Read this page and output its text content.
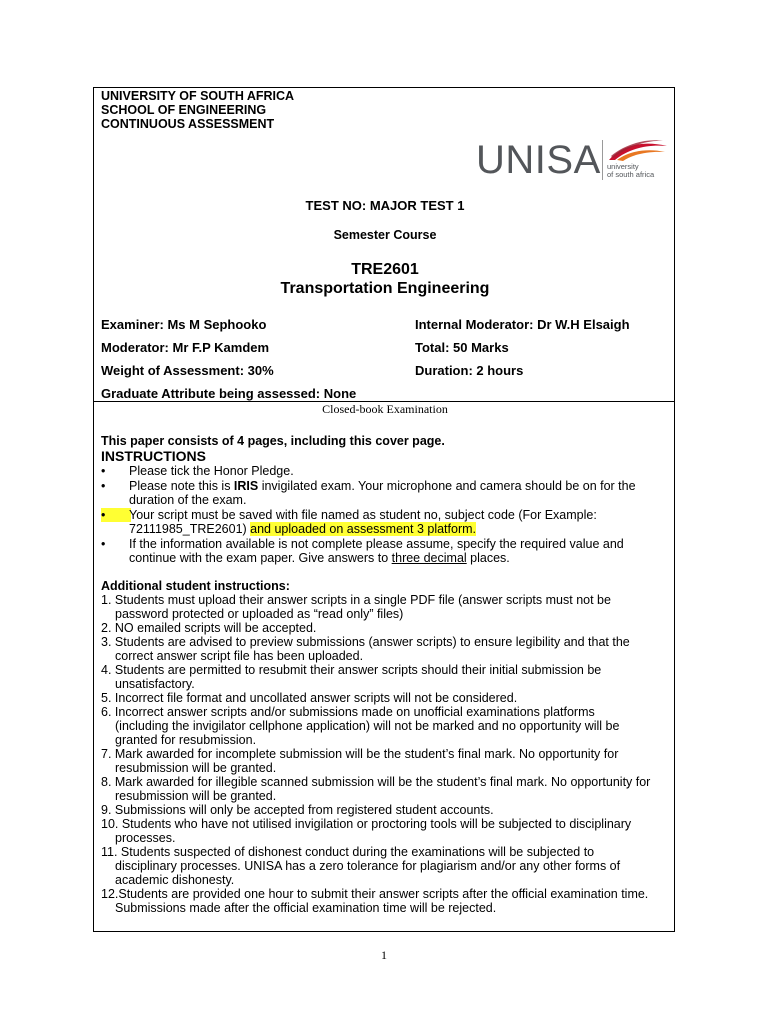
UNIVERSITY OF SOUTH AFRICA
SCHOOL OF ENGINEERING
CONTINUOUS ASSESSMENT
UNISA university
of south africa
TEST NO: MAJOR TEST 1
Semester Course
TRE2601
Transportation Engineering
Examiner: Ms M Sephooko	Internal Moderator: Dr W.H Elsaigh
Moderator: Mr F.P Kamdem	Total: 50 Marks
Weight of Assessment: 30%	Duration: 2 hours
Graduate Attribute being assessed: None
Closed-book Examination
This paper consists of 4 pages, including this cover page.
INSTRUCTIONS
•	Please tick the Honor Pledge.
•	Please note this is IRIS invigilated exam. Your microphone and camera should be on for the
duration of the exam.
•	Your script must be saved with file named as student no, subject code (For Example:
72111985_TRE2601) and uploaded on assessment 3 platform.
•	If the information available is not complete please assume, specify the required value and
continue with the exam paper. Give answers to three decimal places.
Additional student instructions:
1. Students must upload their answer scripts in a single PDF file (answer scripts must not be
password protected or uploaded as “read only” files)
2. NO emailed scripts will be accepted.
3. Students are advised to preview submissions (answer scripts) to ensure legibility and that the
correct answer script file has been uploaded.
4. Students are permitted to resubmit their answer scripts should their initial submission be
unsatisfactory.
5. Incorrect file format and uncollated answer scripts will not be considered.
6. Incorrect answer scripts and/or submissions made on unofficial examinations platforms
(including the invigilator cellphone application) will not be marked and no opportunity will be
granted for resubmission.
7. Mark awarded for incomplete submission will be the student’s final mark. No opportunity for
resubmission will be granted.
8. Mark awarded for illegible scanned submission will be the student’s final mark. No opportunity for
resubmission will be granted.
9. Submissions will only be accepted from registered student accounts.
10. Students who have not utilised invigilation or proctoring tools will be subjected to disciplinary
processes.
11. Students suspected of dishonest conduct during the examinations will be subjected to
disciplinary processes. UNISA has a zero tolerance for plagiarism and/or any other forms of
academic dishonesty.
12.Students are provided one hour to submit their answer scripts after the official examination time.
Submissions made after the official examination time will be rejected.
1
